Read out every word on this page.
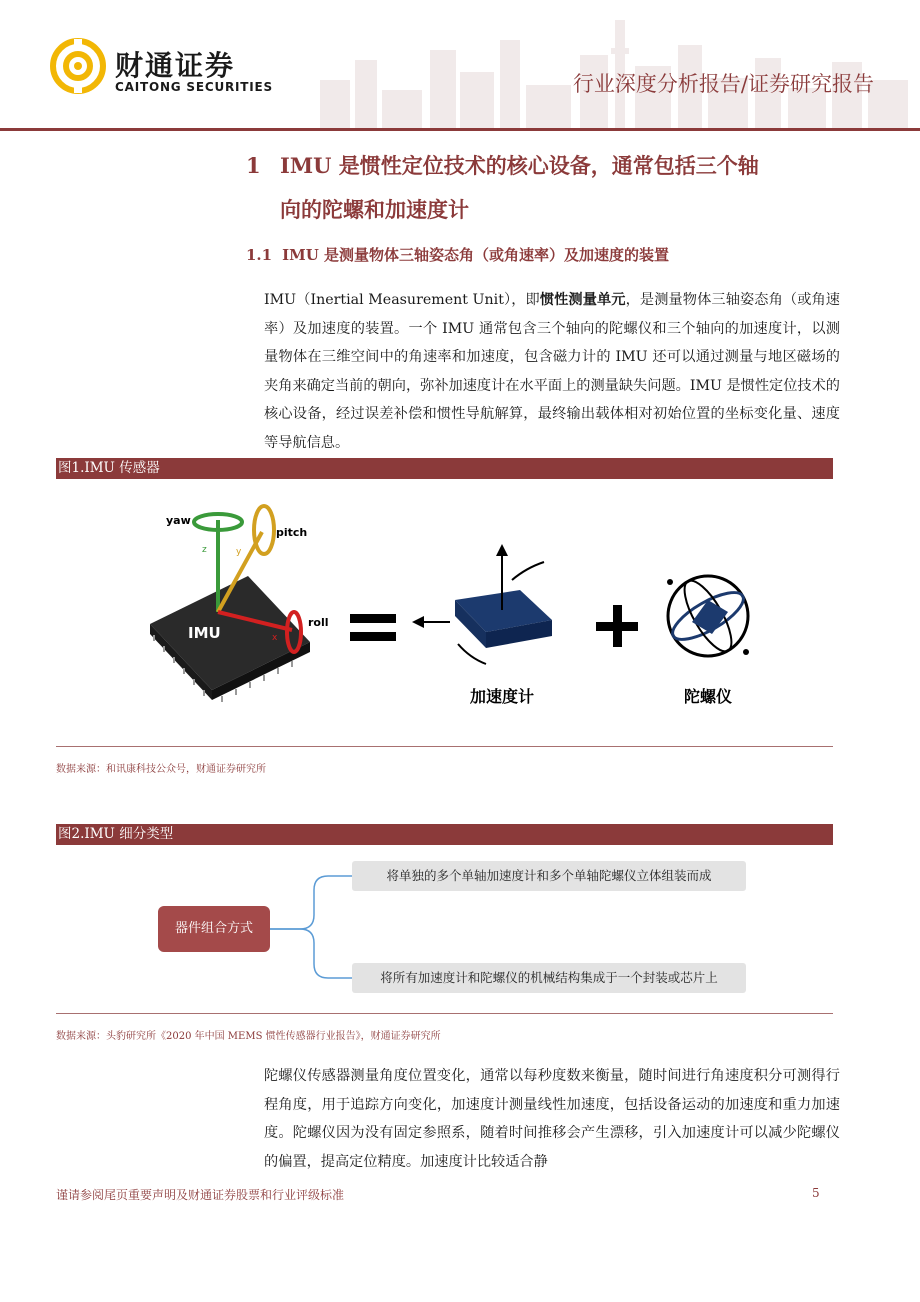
财通证券
CAITONG SECURITIES	行业深度分析报告/证券研究报告
1 IMU 是惯性定位技术的核心设备，通常包括三个轴
向的陀螺和加速度计
1.1 IMU 是测量物体三轴姿态角（或角速率）及加速度的装置
IMU（Inertial Measurement Unit），即惯性测量单元，是测量物体三轴姿态角（或角速率）及加速度的装置。一个 IMU 通常包含三个轴向的陀螺仪和三个轴向的加速度计，以测量物体在三维空间中的角速率和加速度，包含磁力计的 IMU 还可以通过测量与地区磁场的夹角来确定当前的朝向，弥补加速度计在水平面上的测量缺失问题。IMU 是惯性定位技术的核心设备，经过误差补偿和惯性导航解算，最终输出载体相对初始位置的坐标变化量、速度等导航信息。
图1.IMU 传感器
IMU
yaw
pitch
roll
z	y
x
加速度计	陀螺仪
数据来源：和讯康科技公众号，财通证券研究所
图2.IMU 细分类型
器件组合方式
将单独的多个单轴加速度计和多个单轴陀螺仪立体组装而成
将所有加速度计和陀螺仪的机械结构集成于一个封装或芯片上
数据来源：头豹研究所《2020 年中国 MEMS 惯性传感器行业报告》，财通证券研究所
陀螺仪传感器测量角度位置变化，通常以每秒度数来衡量，随时间进行角速度积分可测得行程角度，用于追踪方向变化，加速度计测量线性加速度，包括设备运动的加速度和重力加速度。陀螺仪因为没有固定参照系，随着时间推移会产生漂移，引入加速度计可以减少陀螺仪的偏置，提高定位精度。加速度计比较适合静
谨请参阅尾页重要声明及财通证券股票和行业评级标准	5
